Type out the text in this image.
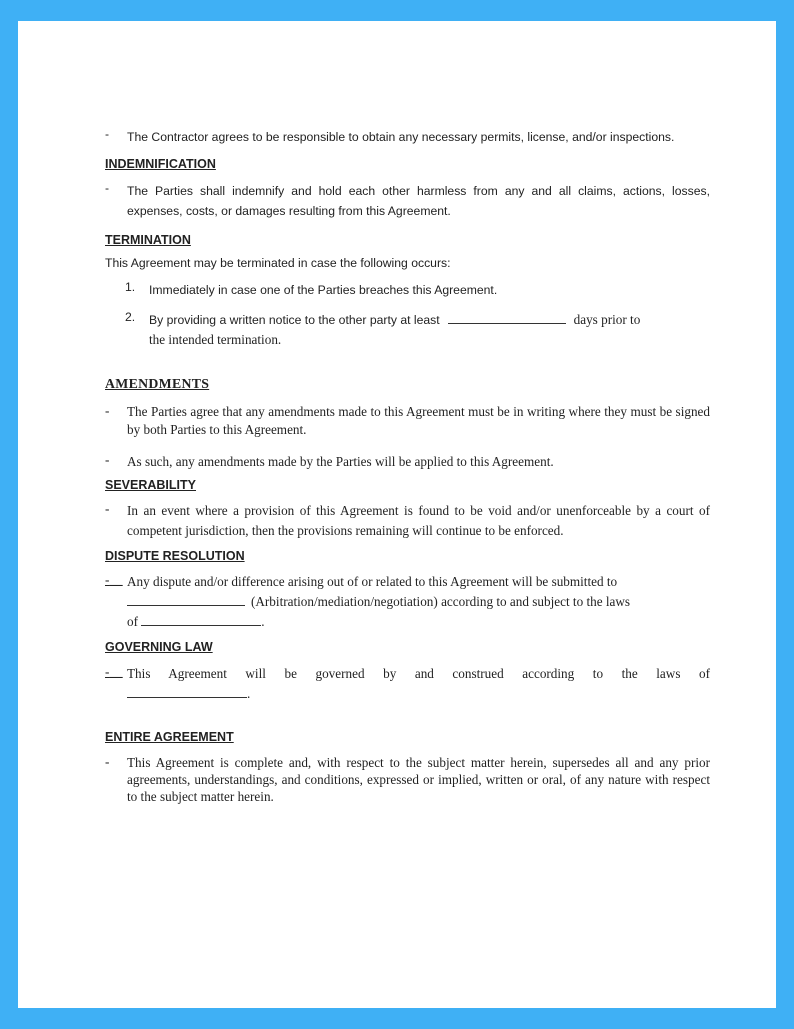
-	The Contractor agrees to be responsible to obtain any necessary permits, license, and/or inspections.
INDEMNIFICATION
-	The Parties shall indemnify and hold each other harmless from any and all claims, actions, losses, expenses, costs, or damages resulting from this Agreement.
TERMINATION
This Agreement may be terminated in case the following occurs:
1.	Immediately in case one of the Parties breaches this Agreement.
2.	By providing a written notice to the other party at least	days prior to
the intended termination.
AMENDMENTS
-	The Parties agree that any amendments made to this Agreement must be in writing where they must be signed by both Parties to this Agreement.
-	As such, any amendments made by the Parties will be applied to this Agreement.
SEVERABILITY
-	In an event where a provision of this Agreement is found to be void and/or unenforceable by a court of competent jurisdiction, then the provisions remaining will continue to be enforced.
DISPUTE RESOLUTION
-__ Any dispute and/or difference arising out of or related to this Agreement will be submitted to
(Arbitration/mediation/negotiation) according to and subject to the laws
of	.
GOVERNING LAW
-__ This Agreement will be governed by and construed according to the laws of
.
ENTIRE AGREEMENT
-	This Agreement is complete and, with respect to the subject matter herein, supersedes all and any prior agreements, understandings, and conditions, expressed or implied, written or oral, of any nature with respect to the subject matter herein.
